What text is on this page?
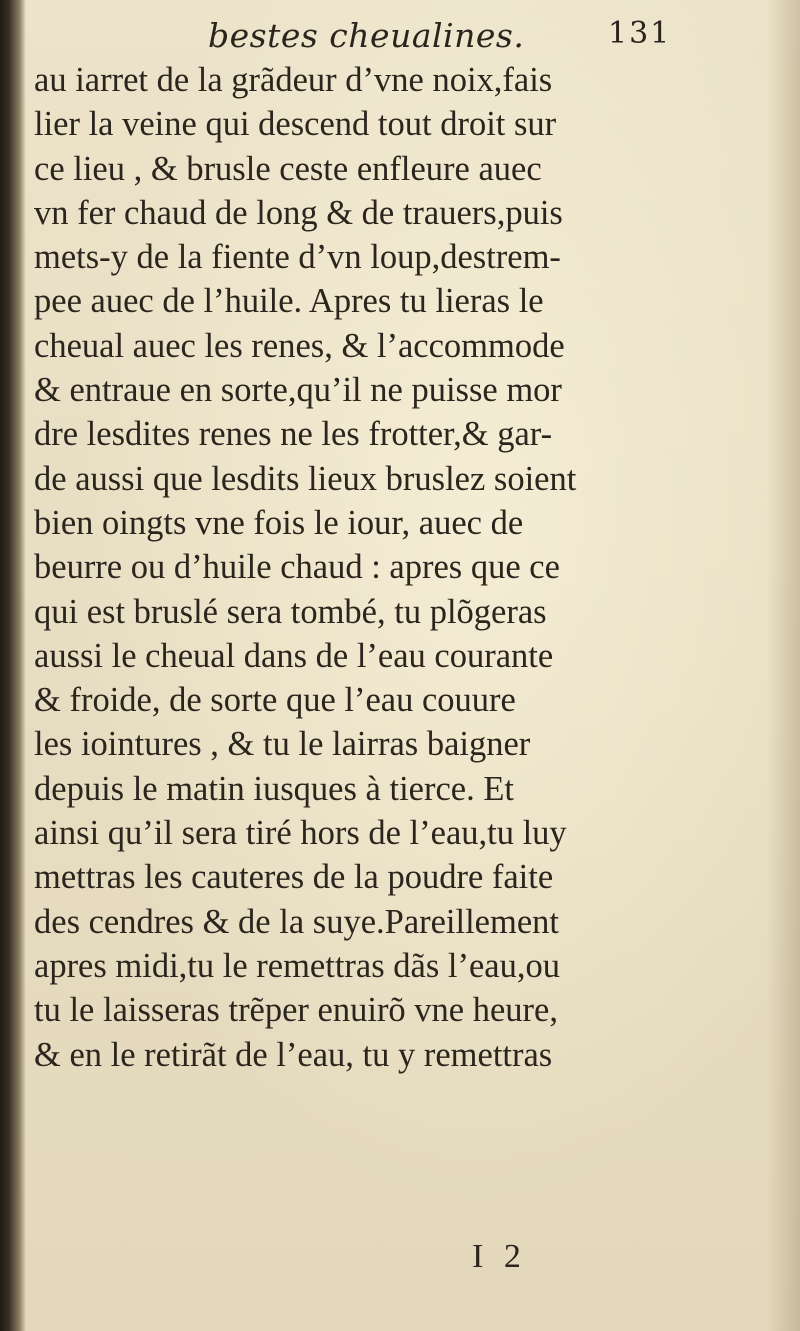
bestes cheualines.	131
au iarret de la grãdeur d’vne noix,fais
lier la veine qui descend tout droit sur
ce lieu , & brusle ceste enfleure auec
vn fer chaud de long & de trauers,puis
mets-y de la fiente d’vn loup,destrem-
pee auec de l’huile. Apres tu lieras le
cheual auec les renes, & l’accommode
& entraue en sorte,qu’il ne puisse mor
dre lesdites renes ne les frotter,& gar-
de aussi que lesdits lieux bruslez soient
bien oingts vne fois le iour, auec de
beurre ou d’huile chaud : apres que ce
qui est bruslé sera tombé, tu plõgeras
aussi le cheual dans de l’eau courante
& froide, de sorte que l’eau couure
les iointures , & tu le lairras baigner
depuis le matin iusques à tierce. Et
ainsi qu’il sera tiré hors de l’eau,tu luy
mettras les cauteres de la poudre faite
des cendres & de la suye.Pareillement
apres midi,tu le remettras dãs l’eau,ou
tu le laisseras trẽper enuirõ vne heure,
& en le retirãt de l’eau, tu y remettras
I 2
